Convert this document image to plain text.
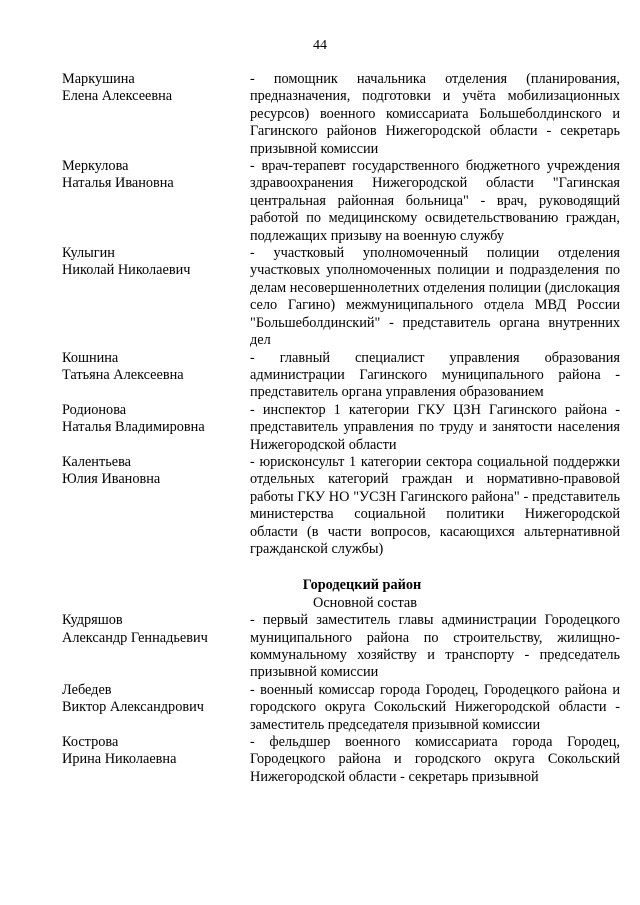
44
Маркушина
Елена Алексеевна
- помощник начальника отделения (планирования, предназначения, подготовки и учёта мобилизационных ресурсов) военного комиссариата Большеболдинского и Гагинского районов Нижегородской области - секретарь призывной комиссии
Меркулова
Наталья Ивановна
- врач-терапевт государственного бюджетного учреждения здравоохранения Нижегородской области "Гагинская центральная районная больница" - врач, руководящий работой по медицинскому освидетельствованию граждан, подлежащих призыву на военную службу
Кулыгин
Николай Николаевич
- участковый уполномоченный полиции отделения участковых уполномоченных полиции и подразделения по делам несовершеннолетних отделения полиции (дислокация село Гагино) межмуниципального отдела МВД России "Большеболдинский" - представитель органа внутренних дел
Кошнина
Татьяна Алексеевна
- главный специалист управления образования администрации Гагинского муниципального района - представитель органа управления образованием
Родионова
Наталья Владимировна
- инспектор 1 категории ГКУ ЦЗН Гагинского района - представитель управления по труду и занятости населения Нижегородской области
Калентьева
Юлия Ивановна
- юрисконсульт 1 категории сектора социальной поддержки отдельных категорий граждан и нормативно-правовой работы ГКУ НО "УСЗН Гагинского района" - представитель министерства социальной политики Нижегородской области (в части вопросов, касающихся альтернативной гражданской службы)
Городецкий район
Основной состав
Кудряшов
Александр Геннадьевич
- первый заместитель главы администрации Городецкого муниципального района по строительству, жилищно-коммунальному хозяйству и транспорту - председатель призывной комиссии
Лебедев
Виктор Александрович
- военный комиссар города Городец, Городецкого района и городского округа Сокольский Нижегородской области - заместитель председателя призывной комиссии
Кострова
Ирина Николаевна
- фельдшер военного комиссариата города Городец, Городецкого района и городского округа Сокольский Нижегородской области - секретарь призывной
